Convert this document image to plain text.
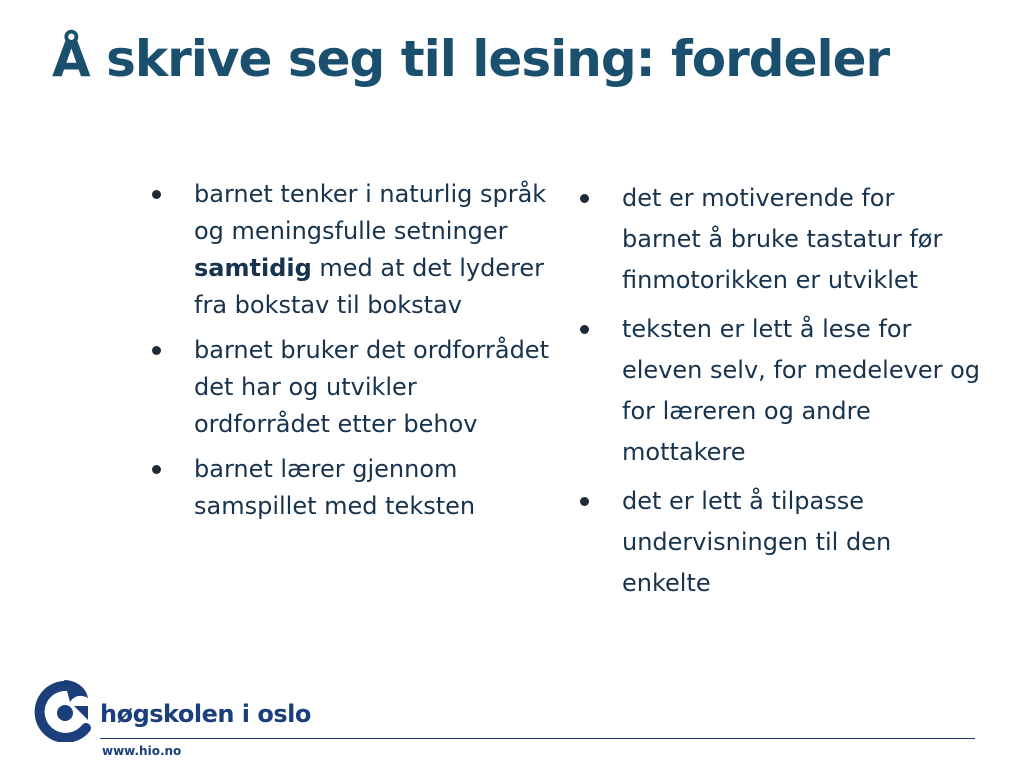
Å skrive seg til lesing: fordeler
barnet tenker i naturlig språk og meningsfulle setninger samtidig med at det lyderer fra bokstav til bokstav
barnet bruker det ordforrådet det har og utvikler ordforrådet etter behov
barnet lærer gjennom samspillet med teksten
det er motiverende for barnet å bruke tastatur før finmotorikken er utviklet
teksten er lett å lese for eleven selv, for medelever og for læreren og andre mottakere
det er lett å tilpasse undervisningen til den enkelte
høgskolen i oslo
www.hio.no
